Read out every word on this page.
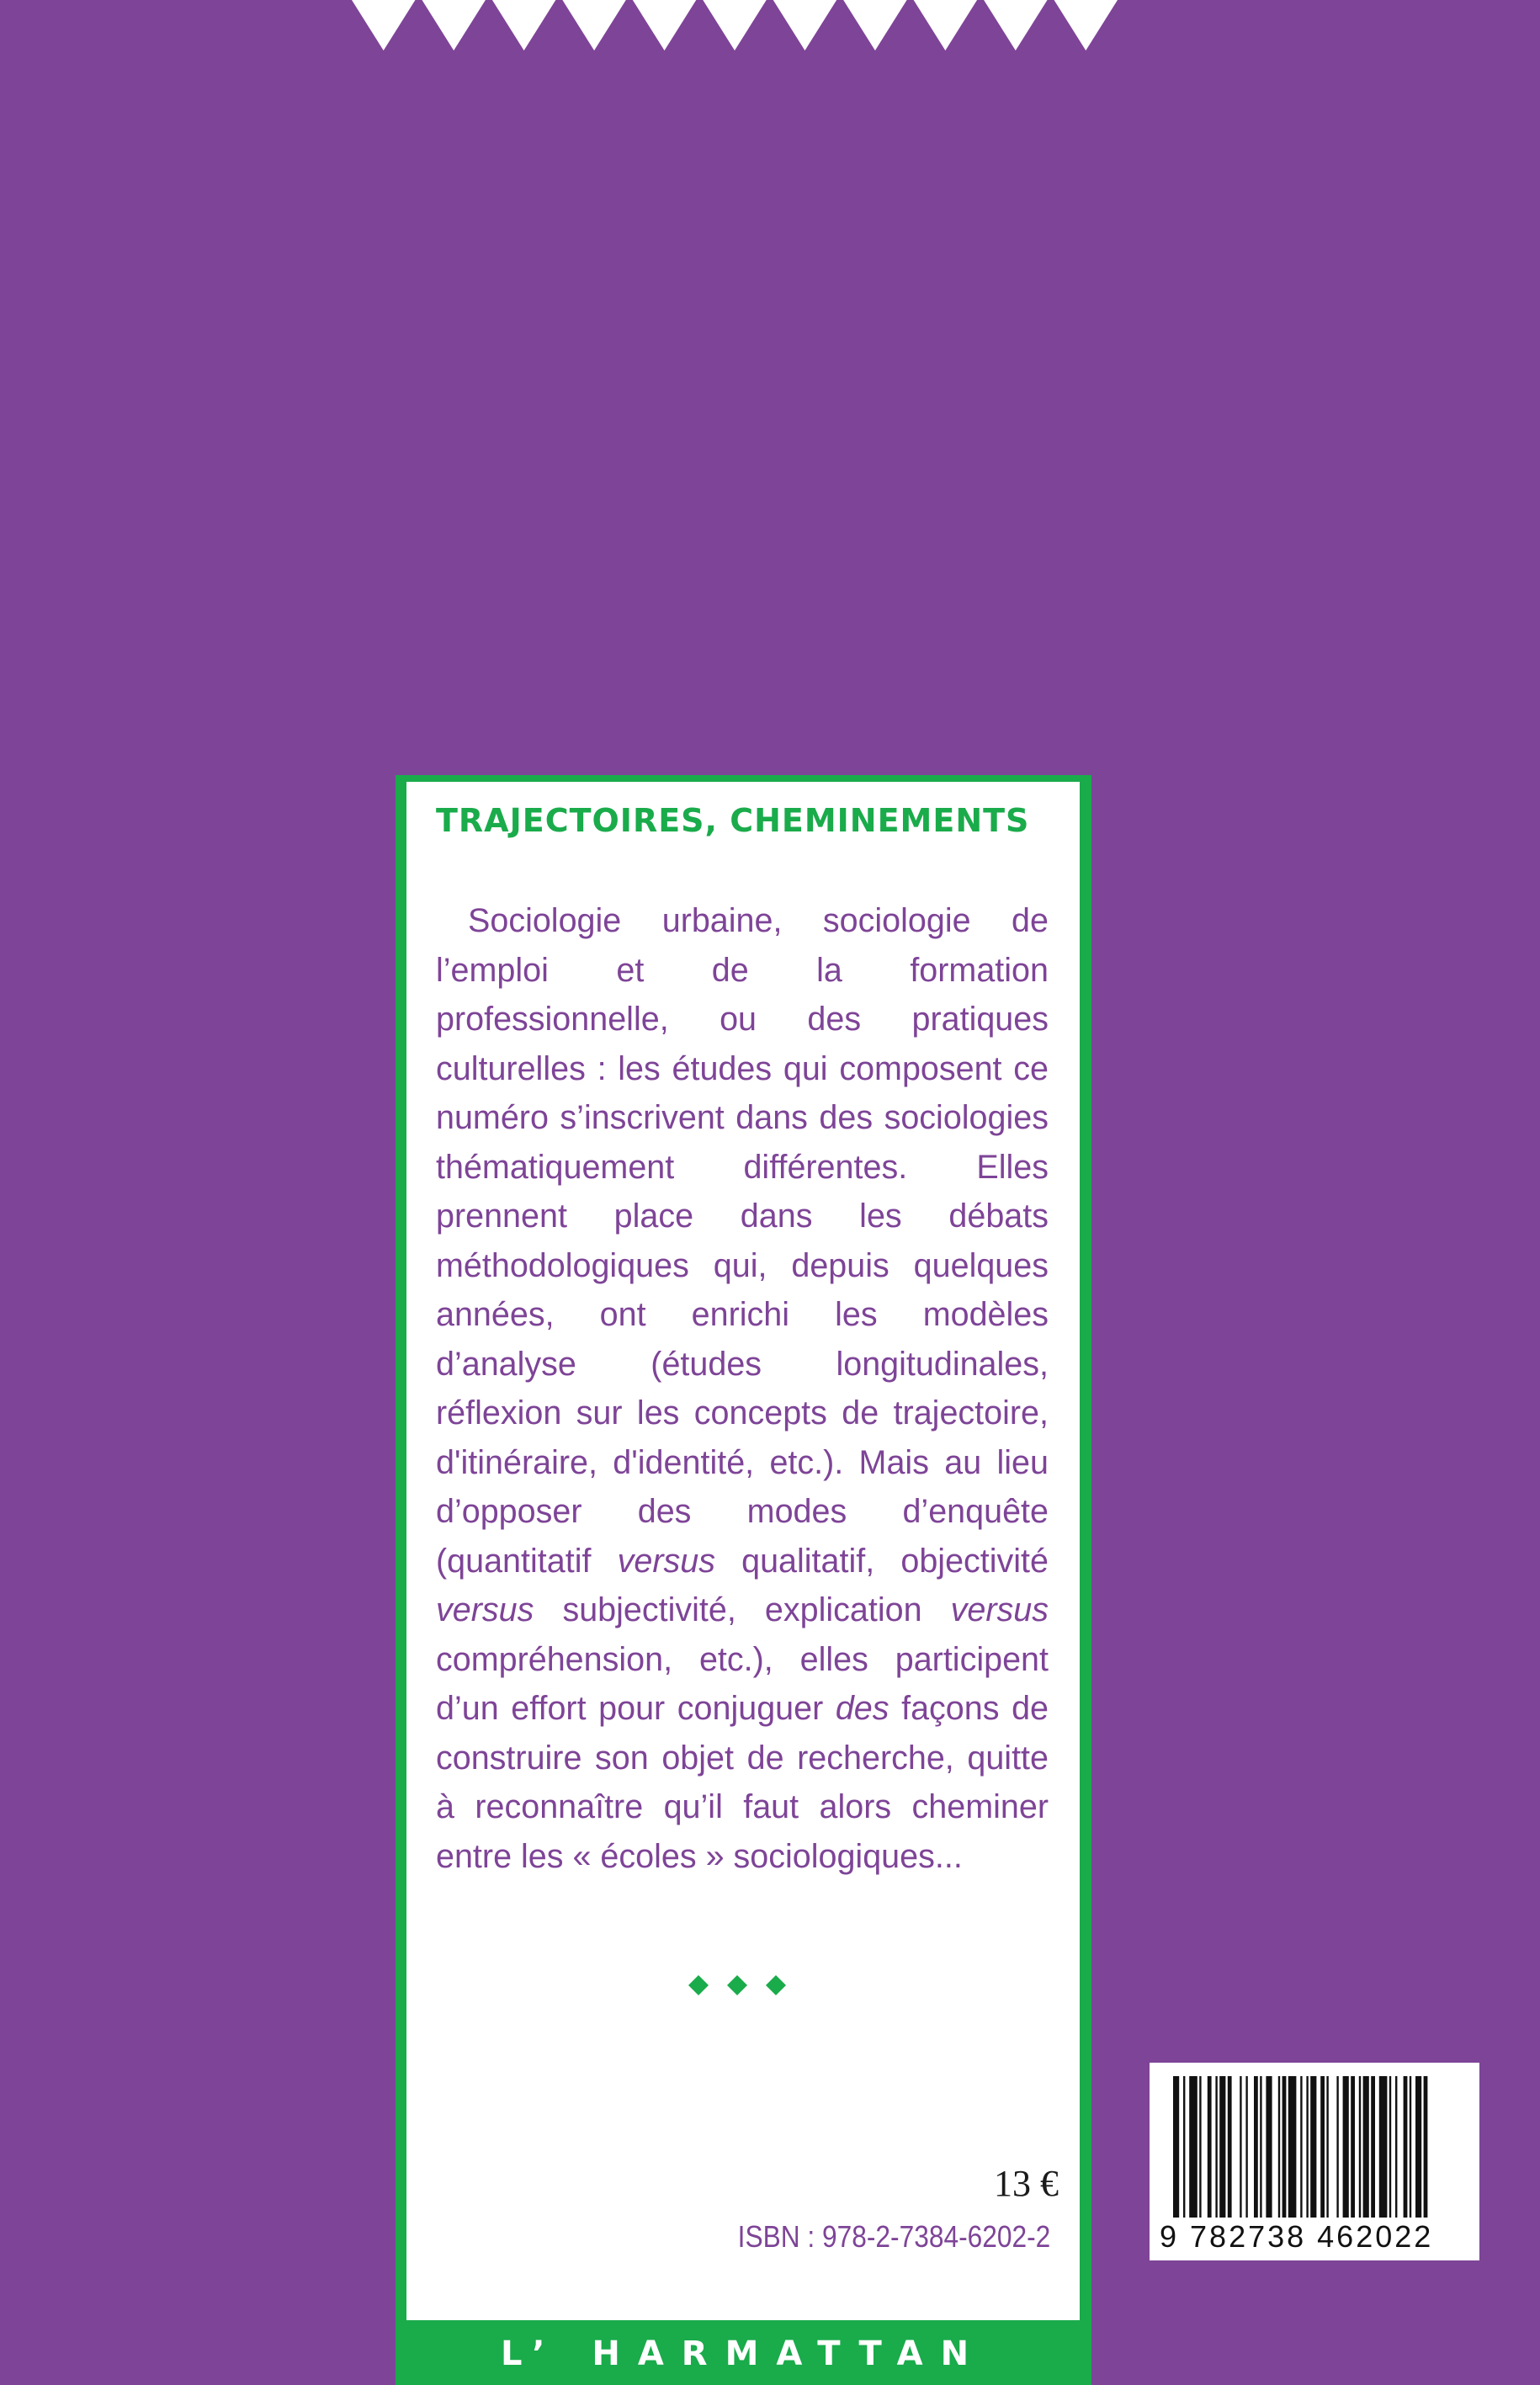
TRAJECTOIRES, CHEMINEMENTS

Sociologie urbaine, sociologie de l’emploi et de la formation professionnelle, ou des pratiques culturelles : les études qui composent ce numéro s’inscrivent dans des sociologies thématiquement différentes. Elles prennent place dans les débats méthodologiques qui, depuis quelques années, ont enrichi les modèles d’analyse (études longitudinales, réflexion sur les concepts de trajectoire, d'itinéraire, d'identité, etc.). Mais au lieu d’opposer des modes d’enquête (quantitatif versus qualitatif, objectivité versus subjectivité, explication versus compréhension, etc.), elles participent d’un effort pour conjuguer des façons de construire son objet de recherche, quitte à reconnaître qu’il faut alors cheminer entre les « écoles » sociologiques...

13 €
ISBN : 978-2-7384-6202-2
L’ HARMATTAN
9 782738 462022
